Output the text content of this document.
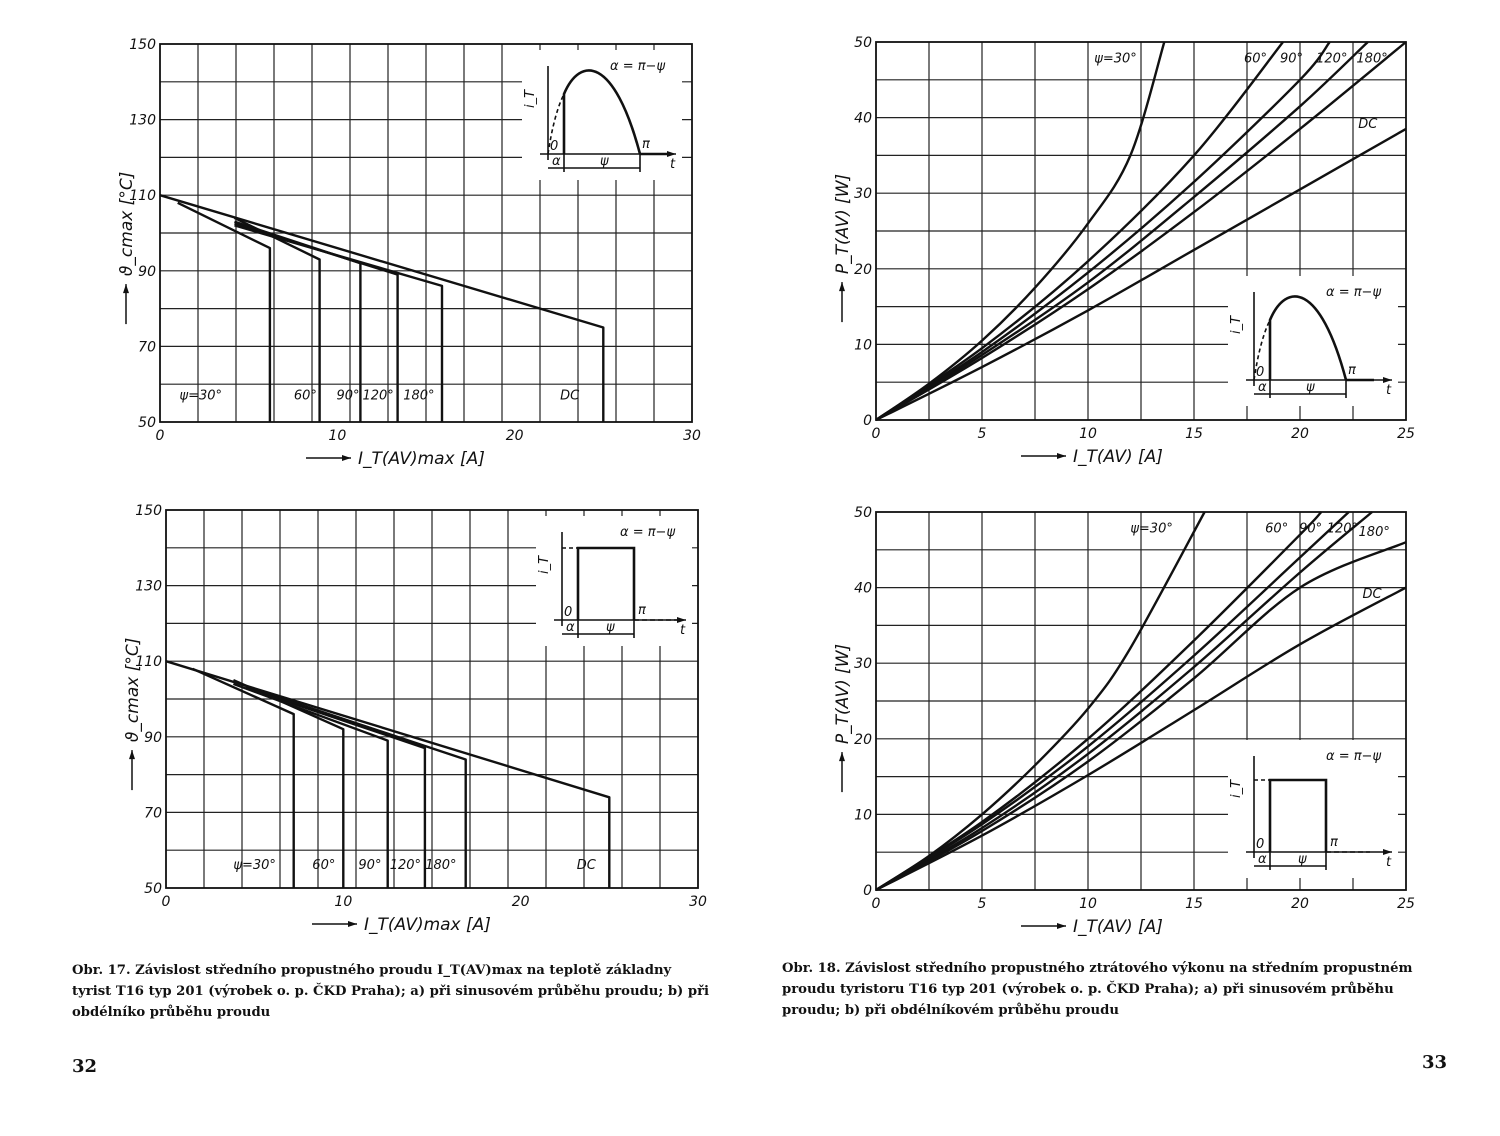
0	10	20	30
50
70
90
110
130
150
I_T(AV)max [A]
ϑ_cmax [°C]
ψ=30°	60° 90° 120° 180°	DC
α = π−ψ
i_T
0	π
α	ψ	t
0	10	20	30
50
70
90
110
130
150
I_T(AV)max [A]
ϑ_cmax [°C]
ψ=30°	60° 90° 120° 180°	DC
α = π−ψ
i_T
0	π
α ψ	t
Obr. 17. Závislost středního propustného proudu I_T(AV)max na teplotě základny tyrist T16 typ 201 (výrobek o. p. ČKD Praha); a) při sinusovém průběhu proudu; b) při obdélníko průběhu proudu
32
0	5	10	15	20	25
0
10
20
30
40
50
I_T(AV) [A]
P_T(AV) [W]
ψ=30°	60° 90° 120° 180°
DC
α = π−ψ
i_T
0	π
α	ψ	t
0	5	10	15	20	25
0
10
20
30
40
50
I_T(AV) [A]
P_T(AV) [W]
ψ=30°	60° 90° 120° 180°
DC
α = π−ψ
i_T
0	π
α ψ	t
Obr. 18. Závislost středního propustného ztrátového výkonu na středním propustném proudu tyristoru T16 typ 201 (výrobek o. p. ČKD Praha); a) při sinusovém průběhu proudu; b) při obdélníkovém průběhu proudu
33
